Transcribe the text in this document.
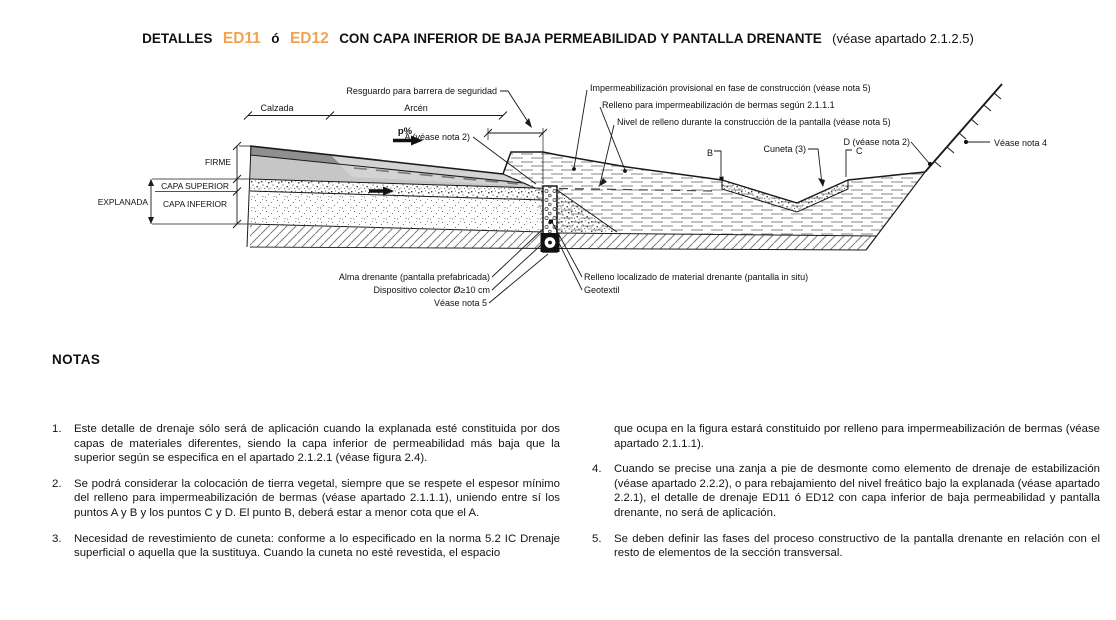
DETALLES ED11 ó ED12 CON CAPA INFERIOR DE BAJA PERMEABILIDAD Y PANTALLA DRENANTE (véase apartado 2.1.2.5)
Resguardo para barrera de seguridad
Calzada	Arcén
p%
A (véase nota 2)
Impermeabilización provisional en fase de construcción (véase nota 5)
Relleno para impermeabilización de bermas según 2.1.1.1
Nivel de relleno durante la construcción de la pantalla (véase nota 5)
B	Cuneta (3)	C
D (véase nota 2)	Véase nota 4
FIRME
CAPA SUPERIOR
CAPA INFERIOR
EXPLANADA
Alma drenante (pantalla prefabricada)
Dispositivo colector Ø≥10 cm
Véase nota 5
Relleno localizado de material drenante (pantalla in situ)
Geotextil
NOTAS
1.	Este detalle de drenaje sólo será de aplicación cuando la explanada esté constituida por dos capas de materiales diferentes, siendo la capa inferior de permeabilidad más baja que la superior según se especifica en el apartado 2.1.2.1 (véase figura 2.4).
2.	Se podrá considerar la colocación de tierra vegetal, siempre que se respete el espesor mínimo del relleno para impermeabilización de bermas (véase apartado 2.1.1.1), uniendo entre sí los puntos A y B y los puntos C y D. El punto B, deberá estar a menor cota que el A.
3.	Necesidad de revestimiento de cuneta: conforme a lo especificado en la norma 5.2 IC Drenaje superficial o aquella que la sustituya. Cuando la cuneta no esté revestida, el espacio
que ocupa en la figura estará constituido por relleno para impermeabilización de bermas (véase apartado 2.1.1.1).
4.	Cuando se precise una zanja a pie de desmonte como elemento de drenaje de estabilización (véase apartado 2.2.2), o para rebajamiento del nivel freático bajo la explanada (véase apartado 2.2.1), el detalle de drenaje ED11 ó ED12 con capa inferior de baja permeabilidad y pantalla drenante, no será de aplicación.
5.	Se deben definir las fases del proceso constructivo de la pantalla drenante en relación con el resto de elementos de la sección transversal.
